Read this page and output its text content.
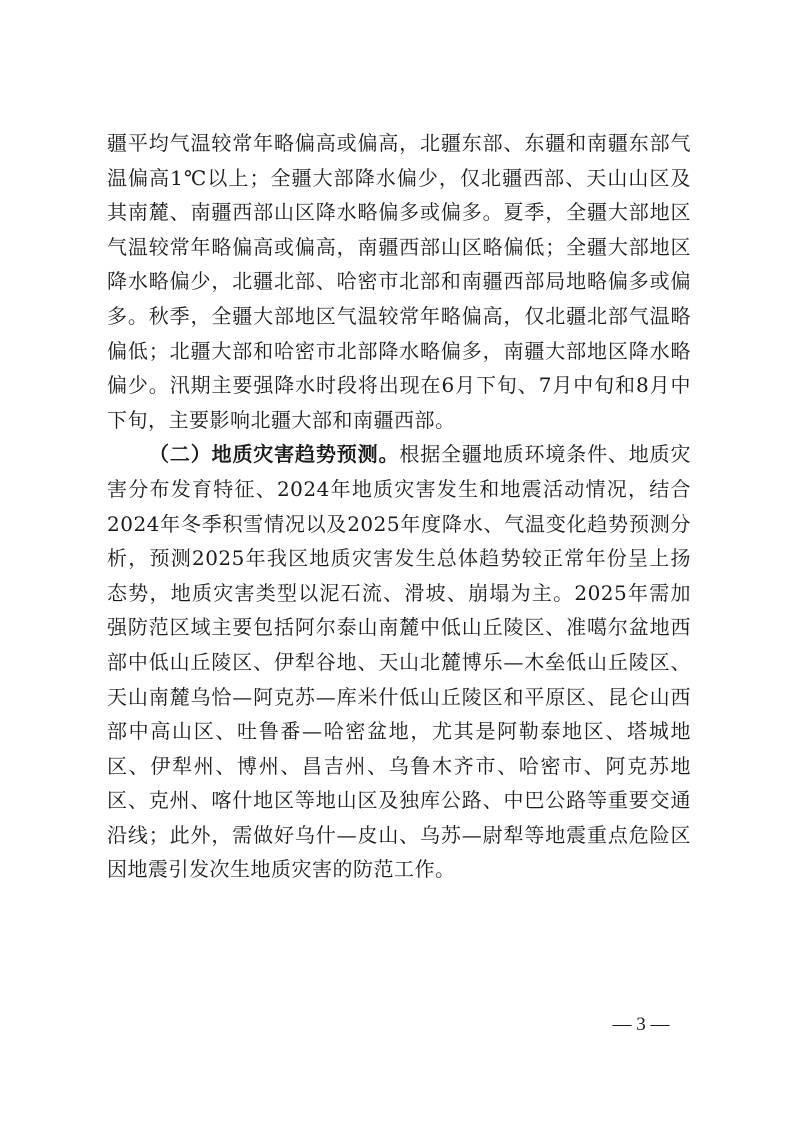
疆平均气温较常年略偏高或偏高，北疆东部、东疆和南疆东部气温偏高1℃以上；全疆大部降水偏少，仅北疆西部、天山山区及其南麓、南疆西部山区降水略偏多或偏多。夏季，全疆大部地区气温较常年略偏高或偏高，南疆西部山区略偏低；全疆大部地区降水略偏少，北疆北部、哈密市北部和南疆西部局地略偏多或偏多。秋季，全疆大部地区气温较常年略偏高，仅北疆北部气温略偏低；北疆大部和哈密市北部降水略偏多，南疆大部地区降水略偏少。汛期主要强降水时段将出现在6月下旬、7月中旬和8月中下旬，主要影响北疆大部和南疆西部。

（二）地质灾害趋势预测。根据全疆地质环境条件、地质灾害分布发育特征、2024年地质灾害发生和地震活动情况，结合2024年冬季积雪情况以及2025年度降水、气温变化趋势预测分析，预测2025年我区地质灾害发生总体趋势较正常年份呈上扬态势，地质灾害类型以泥石流、滑坡、崩塌为主。2025年需加强防范区域主要包括阿尔泰山南麓中低山丘陵区、准噶尔盆地西部中低山丘陵区、伊犁谷地、天山北麓博乐—木垒低山丘陵区、天山南麓乌恰—阿克苏—库米什低山丘陵区和平原区、昆仑山西部中高山区、吐鲁番—哈密盆地，尤其是阿勒泰地区、塔城地区、伊犁州、博州、昌吉州、乌鲁木齐市、哈密市、阿克苏地区、克州、喀什地区等地山区及独库公路、中巴公路等重要交通沿线；此外，需做好乌什—皮山、乌苏—尉犁等地震重点危险区因地震引发次生地质灾害的防范工作。

— 3 —
